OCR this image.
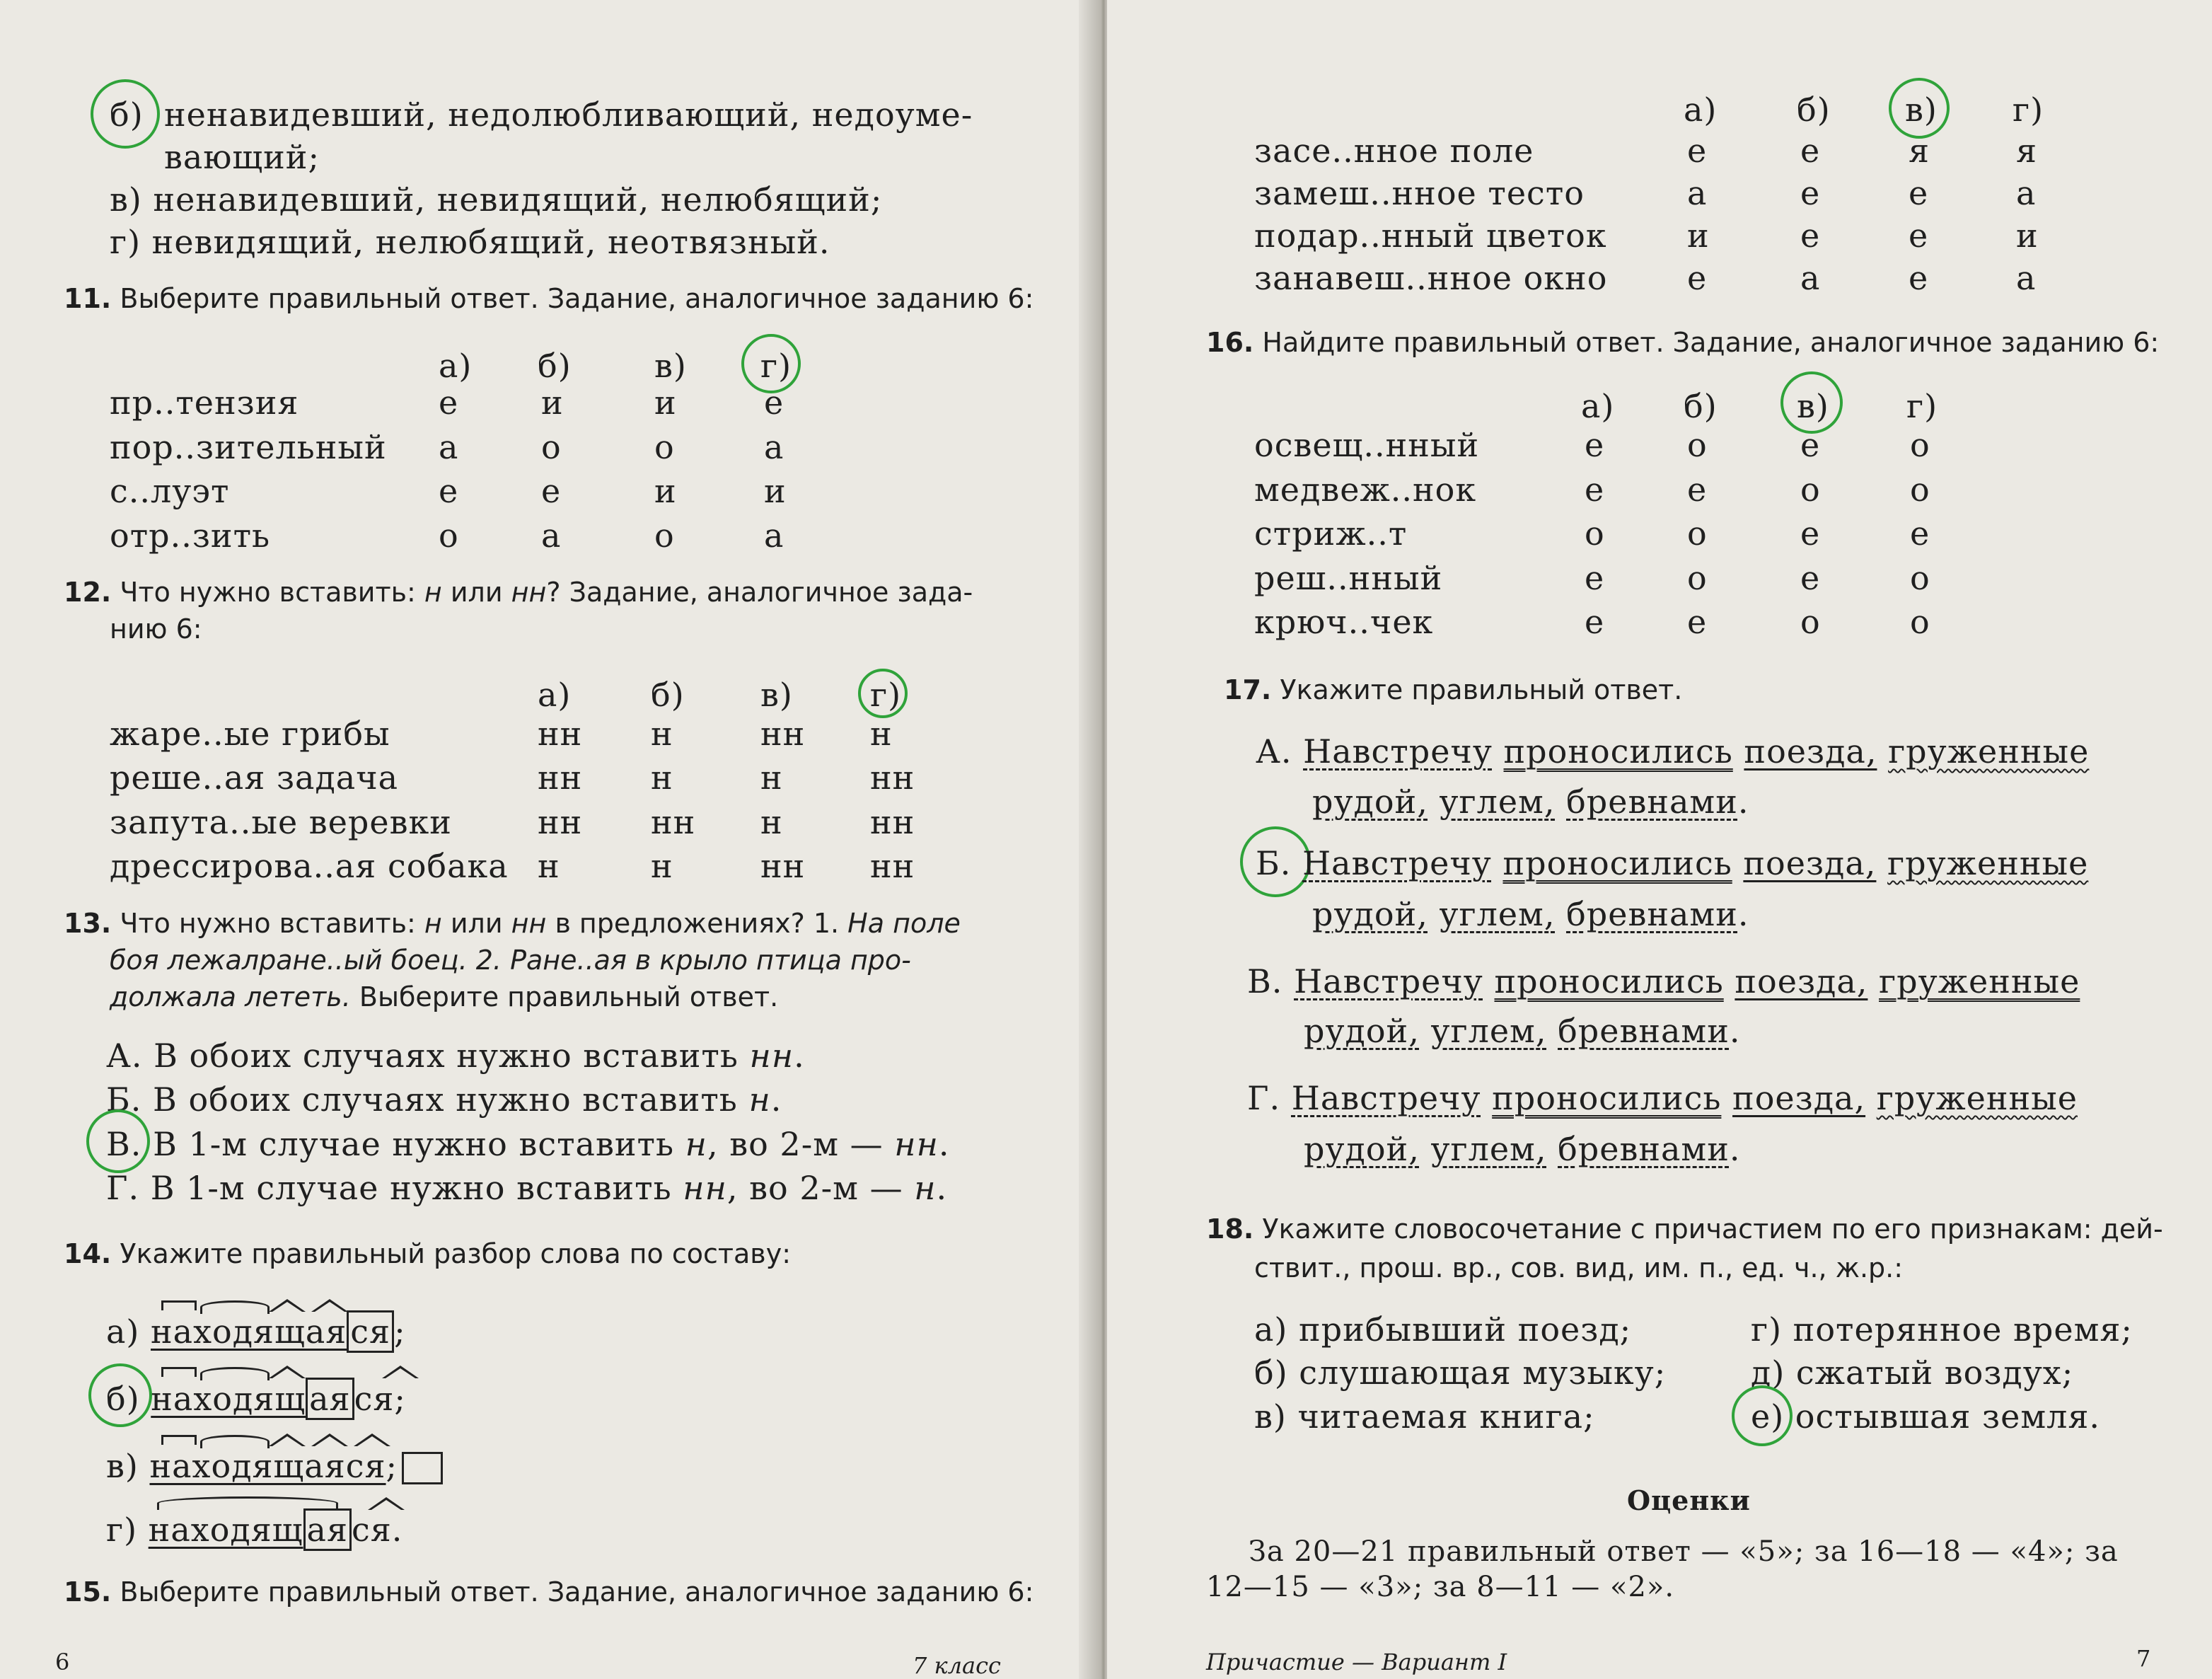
б) ненавидевший, недолюбливающий, недоуме-
вающий;
в) ненавидевший, невидящий, нелюбящий;
г) невидящий, нелюбящий, неотвязный.
11. Выберите правильный ответ. Задание, аналогичное заданию 6:
а) б)	в) г)
пр..тензия	е	и	и	е
пор..зительный а	о	о	а
с..луэт	е	е	и	и
отр..зить	о	а	о	а
12. Что нужно вставить: н или нн? Задание, аналогичное зада-
нию 6:
а) б) в) г)
жаре..ые грибы	нн н	нн н
реше..ая задача	нн н	н	нн
запута..ые веревки	нн нн н	нн
дрессирова..ая собака н	н	нн нн
13. Что нужно вставить: н или нн в предложениях? 1. На поле
боя лежалране..ый боец. 2. Ране..ая в крыло птица про-
должала лететь. Выберите правильный ответ.
А. В обоих случаях нужно вставить нн.
Б. В обоих случаях нужно вставить н.
В. В 1-м случае нужно вставить н, во 2-м — нн.
Г. В 1-м случае нужно вставить нн, во 2-м — н.
14. Укажите правильный разбор слова по составу:
а) находящая ся ;
б) находящ ая ся;
в) находящаяся;
г) находящ ая ся.
15. Выберите правильный ответ. Задание, аналогичное заданию 6:
6	7 класс
а) б) в) г)
засе..нное поле	е	е	я	я
замеш..нное тесто	а	е	е	а
подар..нный цветок и	е	е	и
занавеш..нное окно е	а	е	а
16. Найдите правильный ответ. Задание, аналогичное заданию 6:
а) б) в) г)
освещ..нный	е	о	е	о
медвеж..нок	е	е	о	о
стриж..т	о	о	е	е
реш..нный	е	о	е	о
крюч..чек	е	е	о	о
17. Укажите правильный ответ.
А. Навстречу проносились поезда, груженные
рудой, углем, бревнами.
Б. Навстречу проносились поезда, груженные
рудой, углем, бревнами.
В. Навстречу проносились поезда, груженные
рудой, углем, бревнами.
Г. Навстречу проносились поезда, груженные
рудой, углем, бревнами.
18. Укажите словосочетание с причастием по его признакам: дей-
ствит., прош. вр., сов. вид, им. п., ед. ч., ж.р.:
а) прибывший поезд;
б) слушающая музыку;
в) читаемая книга;
г) потерянное время;
д) сжатый воздух;
е) остывшая земля.
Оценки
За 20—21 правильный ответ — «5»; за 16—18 — «4»; за
12—15 — «3»; за 8—11 — «2».
Причастие — Вариант I	7
